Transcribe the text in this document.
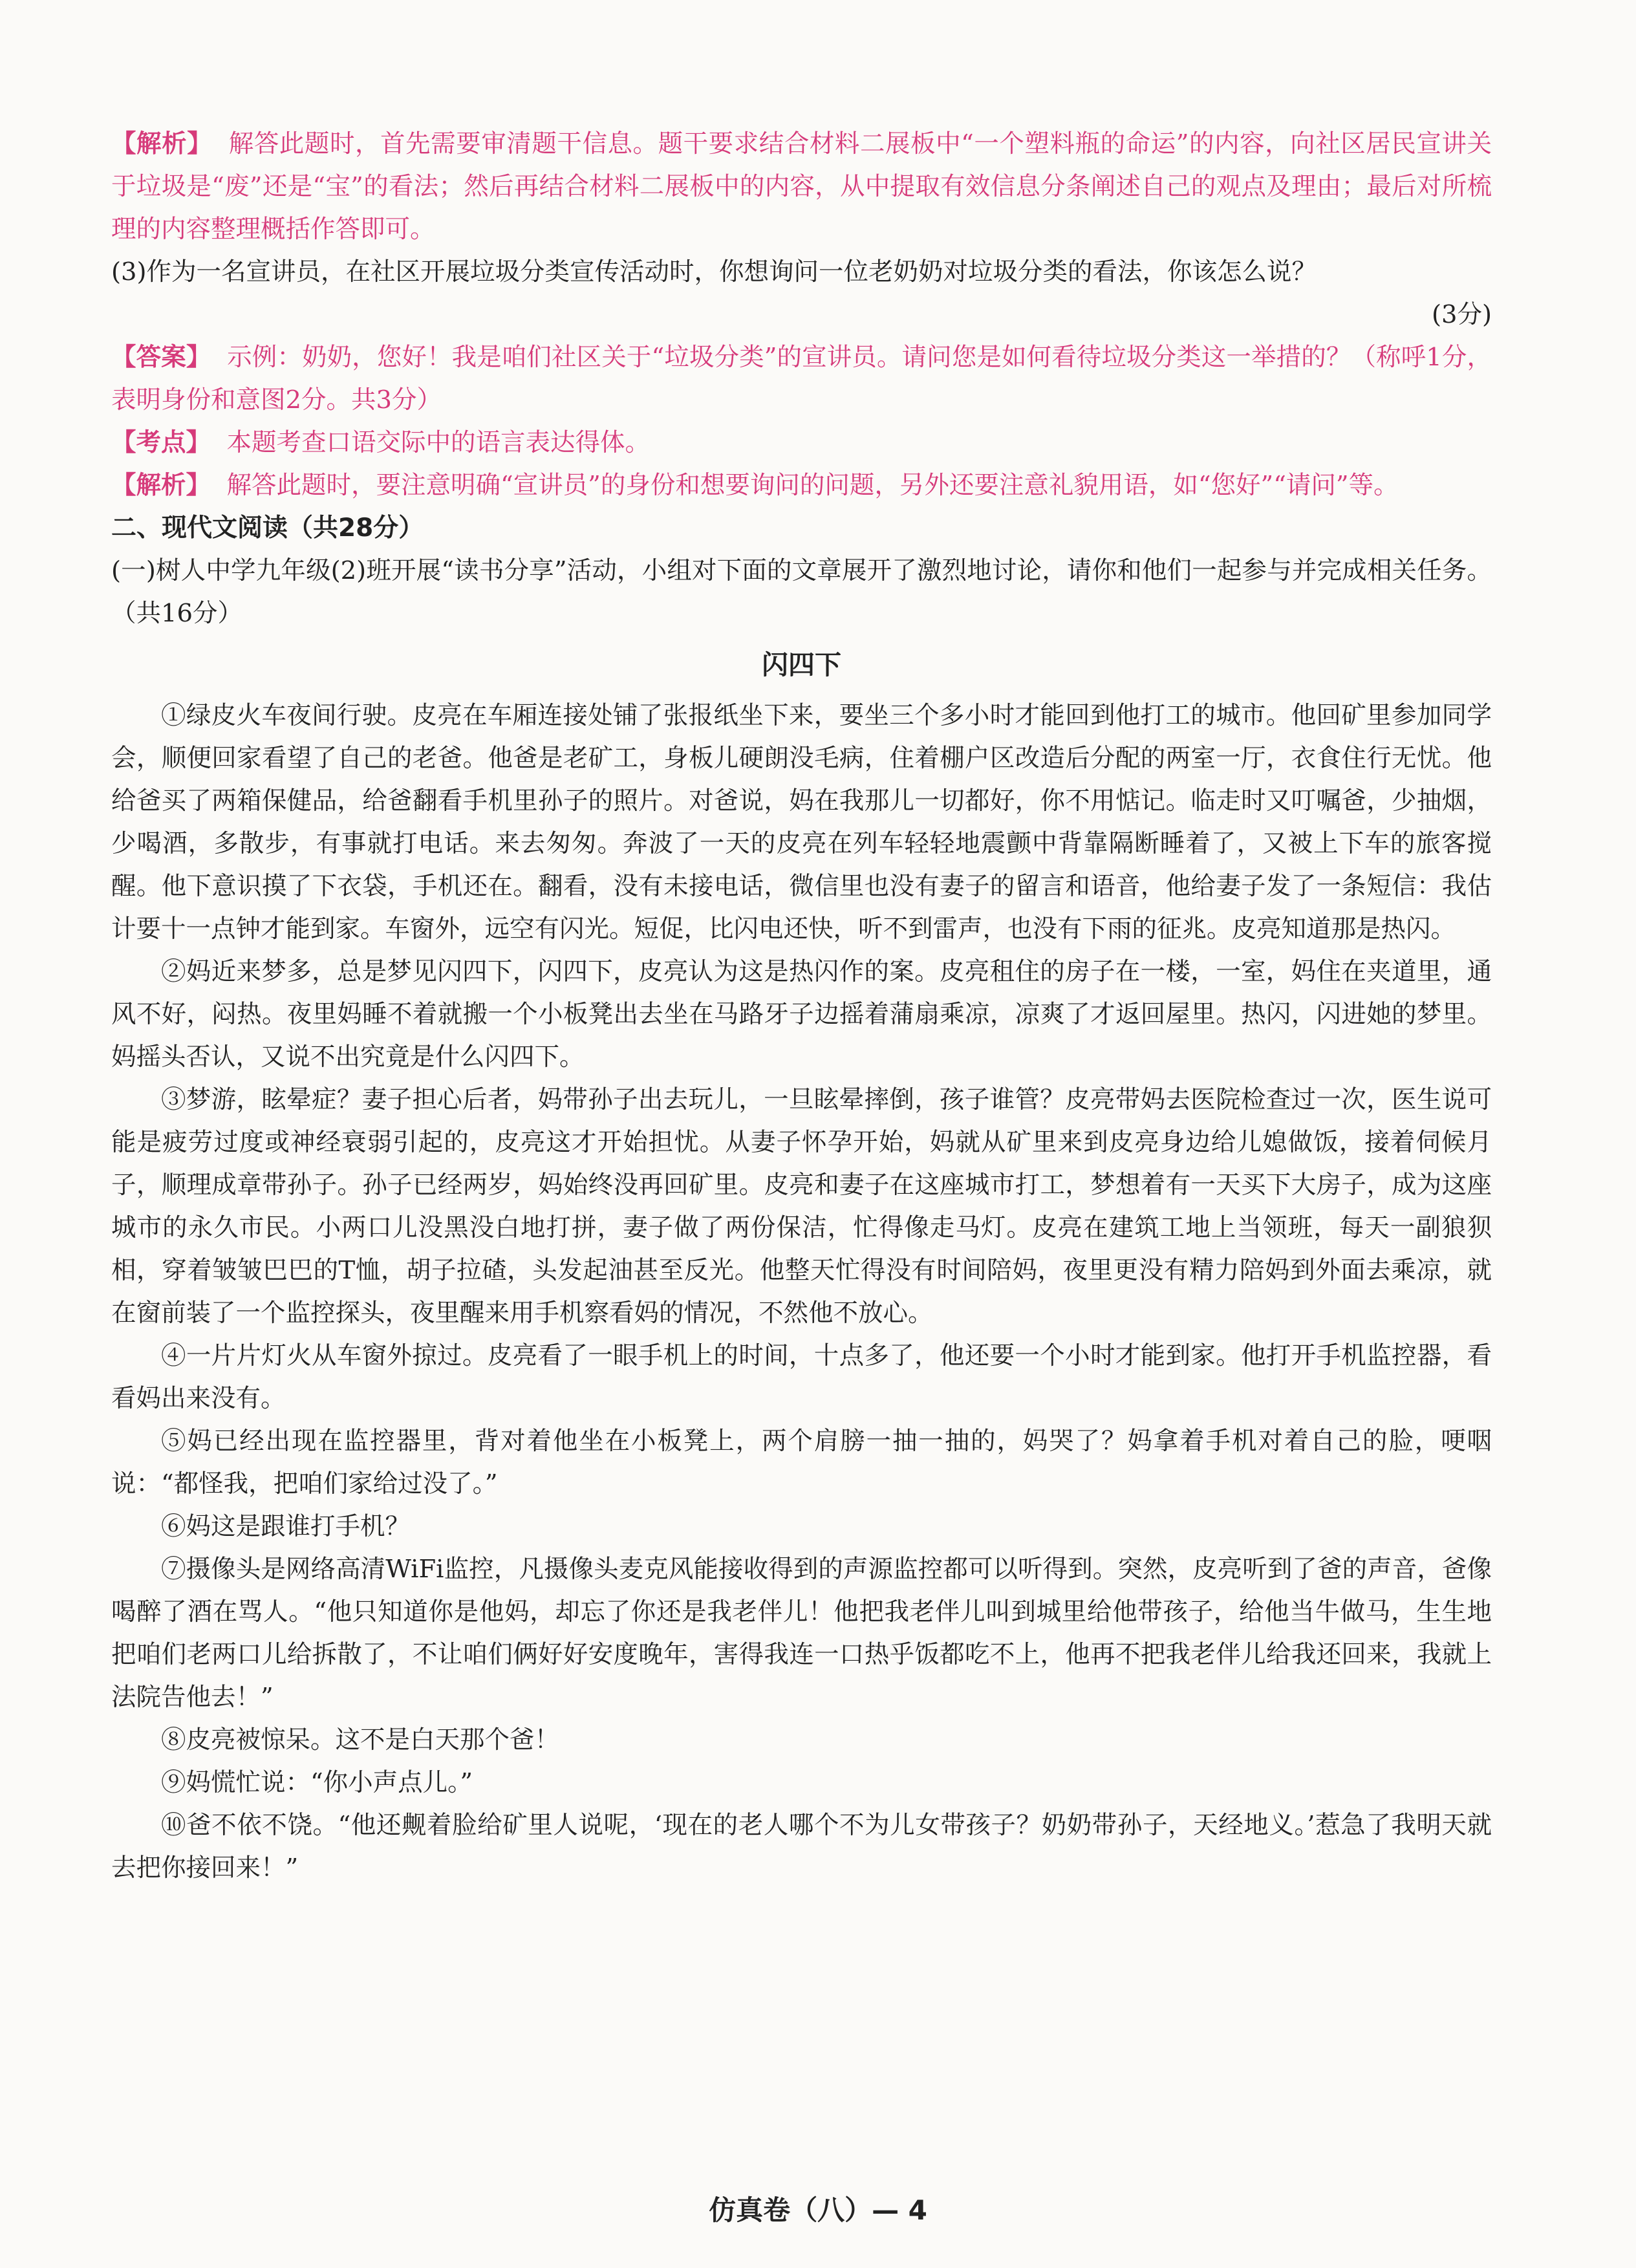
【解析】 解答此题时，首先需要审清题干信息。题干要求结合材料二展板中“一个塑料瓶的命运”的内容，向社区居民宣讲关于垃圾是“废”还是“宝”的看法；然后再结合材料二展板中的内容，从中提取有效信息分条阐述自己的观点及理由；最后对所梳理的内容整理概括作答即可。

(3)作为一名宣讲员，在社区开展垃圾分类宣传活动时，你想询问一位老奶奶对垃圾分类的看法，你该怎么说？

(3分)

【答案】 示例：奶奶，您好！我是咱们社区关于“垃圾分类”的宣讲员。请问您是如何看待垃圾分类这一举措的？（称呼1分，表明身份和意图2分。共3分）

【考点】 本题考查口语交际中的语言表达得体。

【解析】 解答此题时，要注意明确“宣讲员”的身份和想要询问的问题，另外还要注意礼貌用语，如“您好”“请问”等。

二、现代文阅读（共28分）

(一)树人中学九年级(2)班开展“读书分享”活动，小组对下面的文章展开了激烈地讨论，请你和他们一起参与并完成相关任务。（共16分）

闪四下

①绿皮火车夜间行驶。皮亮在车厢连接处铺了张报纸坐下来，要坐三个多小时才能回到他打工的城市。他回矿里参加同学会，顺便回家看望了自己的老爸。他爸是老矿工，身板儿硬朗没毛病，住着棚户区改造后分配的两室一厅，衣食住行无忧。他给爸买了两箱保健品，给爸翻看手机里孙子的照片。对爸说，妈在我那儿一切都好，你不用惦记。临走时又叮嘱爸，少抽烟，少喝酒，多散步，有事就打电话。来去匆匆。奔波了一天的皮亮在列车轻轻地震颤中背靠隔断睡着了，又被上下车的旅客搅醒。他下意识摸了下衣袋，手机还在。翻看，没有未接电话，微信里也没有妻子的留言和语音，他给妻子发了一条短信：我估计要十一点钟才能到家。车窗外，远空有闪光。短促，比闪电还快，听不到雷声，也没有下雨的征兆。皮亮知道那是热闪。

②妈近来梦多，总是梦见闪四下，闪四下，皮亮认为这是热闪作的案。皮亮租住的房子在一楼，一室，妈住在夹道里，通风不好，闷热。夜里妈睡不着就搬一个小板凳出去坐在马路牙子边摇着蒲扇乘凉，凉爽了才返回屋里。热闪，闪进她的梦里。妈摇头否认，又说不出究竟是什么闪四下。

③梦游，眩晕症？妻子担心后者，妈带孙子出去玩儿，一旦眩晕摔倒，孩子谁管？皮亮带妈去医院检查过一次，医生说可能是疲劳过度或神经衰弱引起的，皮亮这才开始担忧。从妻子怀孕开始，妈就从矿里来到皮亮身边给儿媳做饭，接着伺候月子，顺理成章带孙子。孙子已经两岁，妈始终没再回矿里。皮亮和妻子在这座城市打工，梦想着有一天买下大房子，成为这座城市的永久市民。小两口儿没黑没白地打拼，妻子做了两份保洁，忙得像走马灯。皮亮在建筑工地上当领班，每天一副狼狈相，穿着皱皱巴巴的T恤，胡子拉碴，头发起油甚至反光。他整天忙得没有时间陪妈，夜里更没有精力陪妈到外面去乘凉，就在窗前装了一个监控探头，夜里醒来用手机察看妈的情况，不然他不放心。

④一片片灯火从车窗外掠过。皮亮看了一眼手机上的时间，十点多了，他还要一个小时才能到家。他打开手机监控器，看看妈出来没有。

⑤妈已经出现在监控器里，背对着他坐在小板凳上，两个肩膀一抽一抽的，妈哭了？妈拿着手机对着自己的脸，哽咽说：“都怪我，把咱们家给过没了。”

⑥妈这是跟谁打手机？

⑦摄像头是网络高清WiFi监控，凡摄像头麦克风能接收得到的声源监控都可以听得到。突然，皮亮听到了爸的声音，爸像喝醉了酒在骂人。“他只知道你是他妈，却忘了你还是我老伴儿！他把我老伴儿叫到城里给他带孩子，给他当牛做马，生生地把咱们老两口儿给拆散了，不让咱们俩好好安度晚年，害得我连一口热乎饭都吃不上，他再不把我老伴儿给我还回来，我就上法院告他去！”

⑧皮亮被惊呆。这不是白天那个爸！

⑨妈慌忙说：“你小声点儿。”

⑩爸不依不饶。“他还觍着脸给矿里人说呢，‘现在的老人哪个不为儿女带孩子？奶奶带孙子，天经地义。’惹急了我明天就去把你接回来！”

仿真卷（八）— 4
